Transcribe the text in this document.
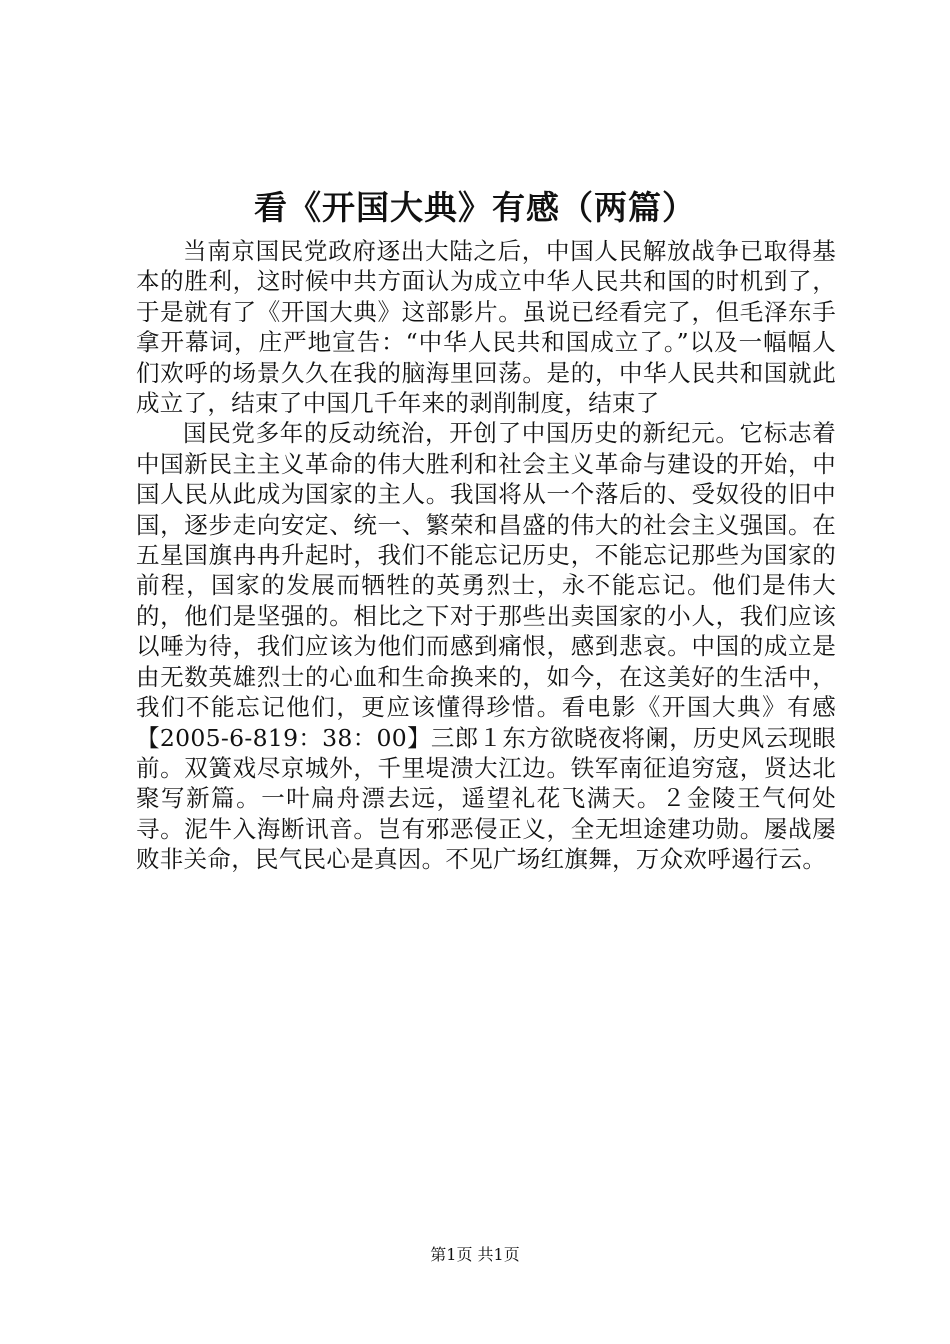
看《开国大典》有感（两篇）

当南京国民党政府逐出大陆之后，中国人民解放战争已取得基本的胜利，这时候中共方面认为成立中华人民共和国的时机到了，于是就有了《开国大典》这部影片。虽说已经看完了，但毛泽东手拿开幕词，庄严地宣告：“中华人民共和国成立了。”以及一幅幅人们欢呼的场景久久在我的脑海里回荡。是的，中华人民共和国就此成立了，结束了中国几千年来的剥削制度，结束了

国民党多年的反动统治，开创了中国历史的新纪元。它标志着中国新民主主义革命的伟大胜利和社会主义革命与建设的开始，中国人民从此成为国家的主人。我国将从一个落后的、受奴役的旧中国，逐步走向安定、统一、繁荣和昌盛的伟大的社会主义强国。在五星国旗冉冉升起时，我们不能忘记历史，不能忘记那些为国家的前程，国家的发展而牺牲的英勇烈士，永不能忘记。他们是伟大的，他们是坚强的。相比之下对于那些出卖国家的小人，我们应该以唾为待，我们应该为他们而感到痛恨，感到悲哀。中国的成立是由无数英雄烈士的心血和生命换来的，如今，在这美好的生活中，我们不能忘记他们，更应该懂得珍惜。看电影《开国大典》有感【2005-6-819：38：00】三郎１东方欲晓夜将阑，历史风云现眼前。双簧戏尽京城外，千里堤溃大江边。铁军南征追穷寇，贤达北聚写新篇。一叶扁舟漂去远，遥望礼花飞满天。２金陵王气何处寻。泥牛入海断讯音。岂有邪恶侵正义，全无坦途建功勋。屡战屡败非关命，民气民心是真因。不见广场红旗舞，万众欢呼遏行云。

第1页 共1页
